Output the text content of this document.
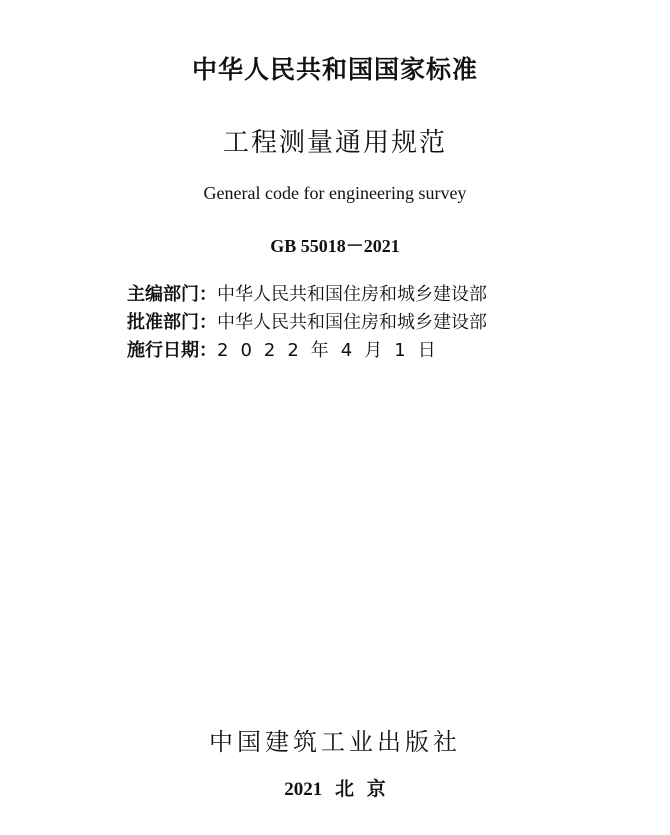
中华人民共和国国家标准
工程测量通用规范
General code for engineering survey
GB 55018－2021
主编部门：中华人民共和国住房和城乡建设部
批准部门：中华人民共和国住房和城乡建设部
施行日期：2022年4月1日
中国建筑工业出版社
2021 北 京
